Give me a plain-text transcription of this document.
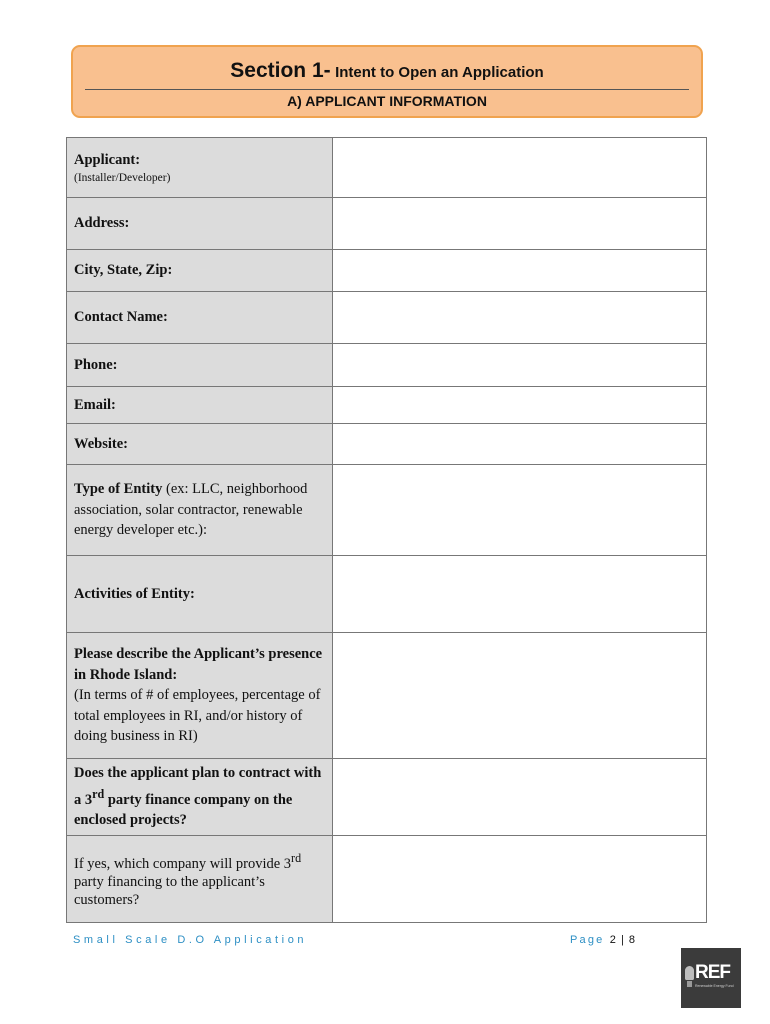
Section 1- Intent to Open an Application
A) APPLICANT INFORMATION
Applicant:
(Installer/Developer)	

Address:	
City, State, Zip:	
Contact Name:	
Phone:	
Email:	
Website:	
Type of Entity (ex: LLC, neighborhood association, solar contractor, renewable energy developer etc.):	
Activities of Entity:	
Please describe the Applicant’s presence in Rhode Island:
(In terms of # of employees, percentage of total employees in RI, and/or history of doing business in RI)	
Does the applicant plan to contract with a 3rd party finance company on the enclosed projects?	
If yes, which company will provide 3rd party financing to the applicant’s customers?	
Small Scale D.O Application	Page 2 | 8
REF
Renewable Energy Fund
